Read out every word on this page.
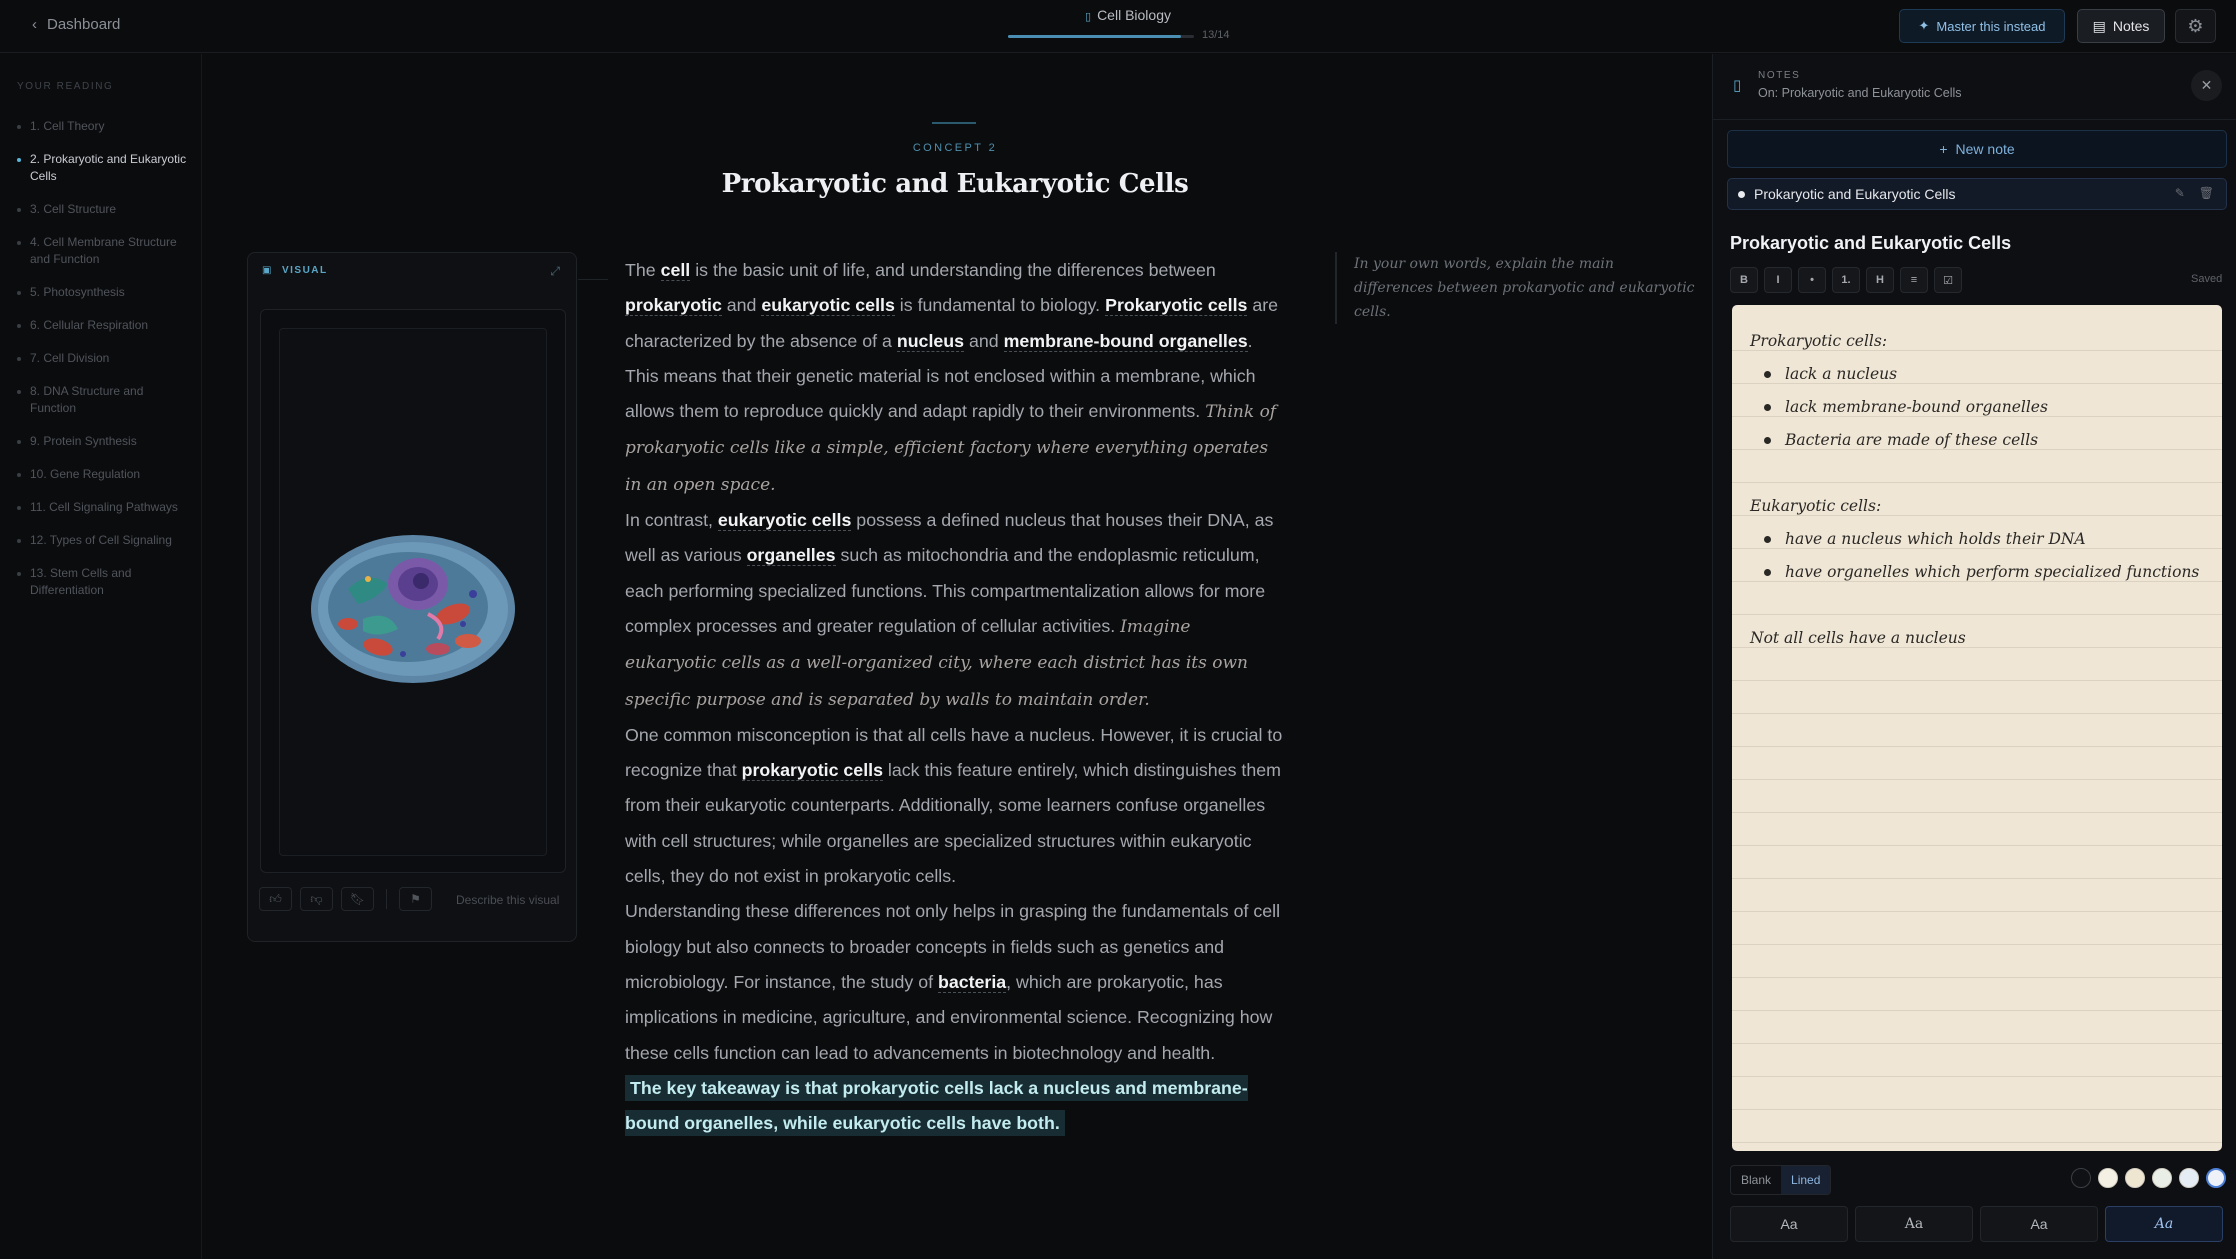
‹ Dashboard	▯ Cell Biology
13/14
✦ Master this instead	▤ Notes ⚙
YOUR READING
1. Cell Theory
2. Prokaryotic and Eukaryotic Cells
3. Cell Structure
4. Cell Membrane Structure and Function
5. Photosynthesis
6. Cellular Respiration
7. Cell Division
8. DNA Structure and Function
9. Protein Synthesis
10. Gene Regulation
11. Cell Signaling Pathways
12. Types of Cell Signaling
13. Stem Cells and Differentiation
▣ VISUAL	⤢
👍︎	👎︎	🔖︎	⚑	Describe this visual
CONCEPT 2
Prokaryotic and Eukaryotic Cells

The cell is the basic unit of life, and understanding the differences between prokaryotic and eukaryotic cells is fundamental to biology. Prokaryotic cells are characterized by the absence of a nucleus and membrane-bound organelles. This means that their genetic material is not enclosed within a membrane, which allows them to reproduce quickly and adapt rapidly to their environments. Think of prokaryotic cells like a simple, efficient factory where everything operates in an open space.

In contrast, eukaryotic cells possess a defined nucleus that houses their DNA, as well as various organelles such as mitochondria and the endoplasmic reticulum, each performing specialized functions. This compartmentalization allows for more complex processes and greater regulation of cellular activities. Imagine eukaryotic cells as a well-organized city, where each district has its own specific purpose and is separated by walls to maintain order.

One common misconception is that all cells have a nucleus. However, it is crucial to recognize that prokaryotic cells lack this feature entirely, which distinguishes them from their eukaryotic counterparts. Additionally, some learners confuse organelles with cell structures; while organelles are specialized structures within eukaryotic cells, they do not exist in prokaryotic cells.

Understanding these differences not only helps in grasping the fundamentals of cell biology but also connects to broader concepts in fields such as genetics and microbiology. For instance, the study of bacteria, which are prokaryotic, has implications in medicine, agriculture, and environmental science. Recognizing how these cells function can lead to advancements in biotechnology and health.

The key takeaway is that prokaryotic cells lack a nucleus and membrane-bound organelles, while eukaryotic cells have both.

In your own words, explain the main differences between prokaryotic and eukaryotic cells.
▯
NOTES
On: Prokaryotic and Eukaryotic Cells	✕
+ New note
Prokaryotic and Eukaryotic Cells	✎ 🗑︎
Prokaryotic and Eukaryotic Cells
B	I	•	1.	H	≡	☑	Saved
Prokaryotic cells:
lack a nucleus
lack membrane-bound organelles
Bacteria are made of these cells
Eukaryotic cells:
have a nucleus which holds their DNA
have organelles which perform specialized functions
Not all cells have a nucleus
Blank	Lined
Aa	Aa	Aa	Aa
